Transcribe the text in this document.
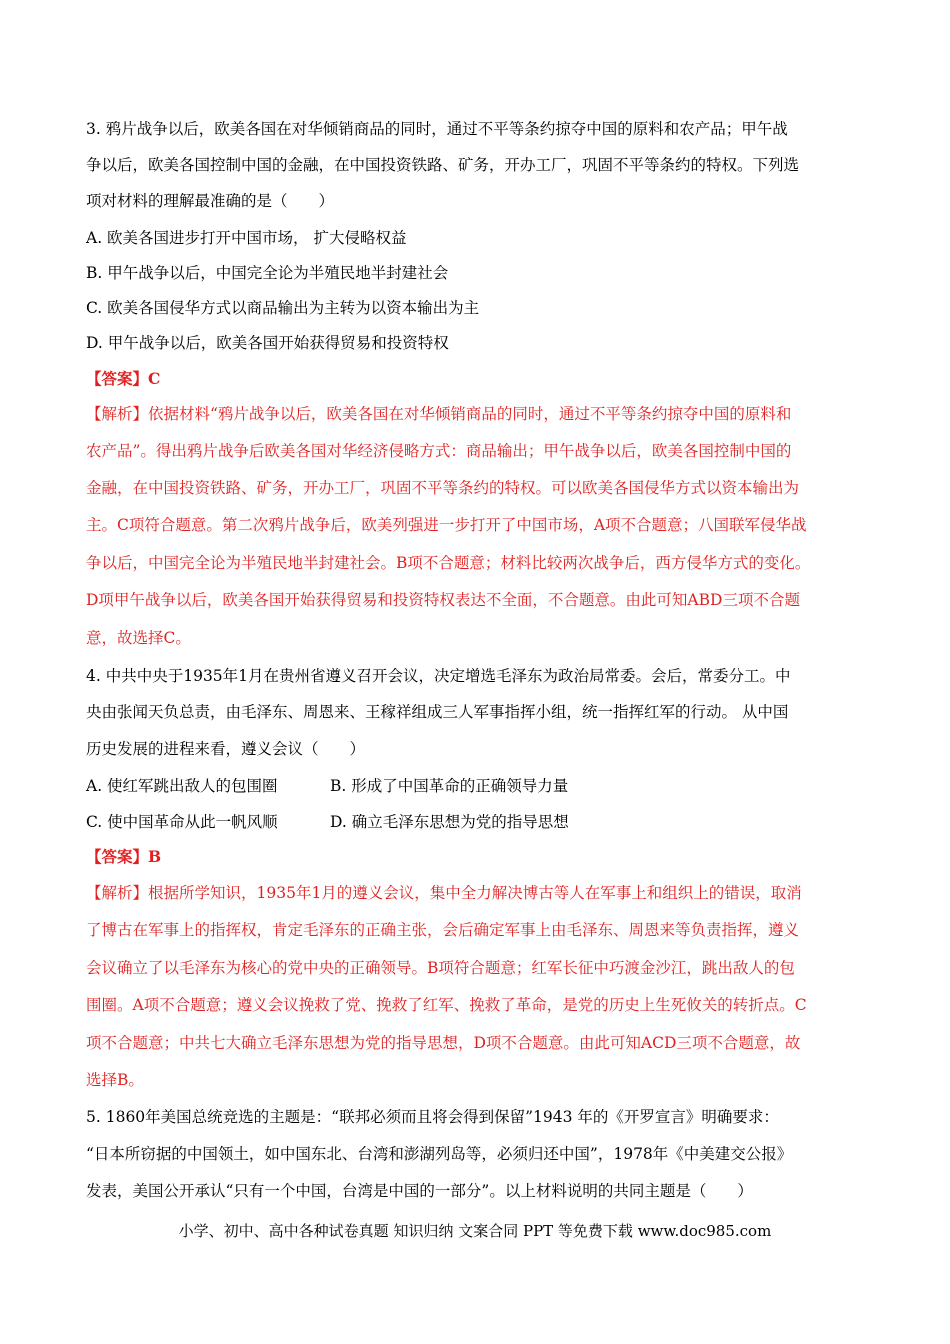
3. 鸦片战争以后，欧美各国在对华倾销商品的同时，通过不平等条约掠夺中国的原料和农产品；甲午战
争以后，欧美各国控制中国的金融，在中国投资铁路、矿务，开办工厂，巩固不平等条约的特权。下列选
项对材料的理解最准确的是（　　）
A. 欧美各国进步打开中国市场， 扩大侵略权益
B. 甲午战争以后，中国完全论为半殖民地半封建社会
C. 欧美各国侵华方式以商品输出为主转为以资本输出为主
D. 甲午战争以后，欧美各国开始获得贸易和投资特权
【答案】C
【解析】依据材料“鸦片战争以后，欧美各国在对华倾销商品的同时，通过不平等条约掠夺中国的原料和
农产品”。得出鸦片战争后欧美各国对华经济侵略方式：商品输出；甲午战争以后，欧美各国控制中国的
金融，在中国投资铁路、矿务，开办工厂，巩固不平等条约的特权。可以欧美各国侵华方式以资本输出为
主。C项符合题意。第二次鸦片战争后，欧美列强进一步打开了中国市场，A项不合题意；八国联军侵华战
争以后，中国完全论为半殖民地半封建社会。B项不合题意；材料比较两次战争后，西方侵华方式的变化。
D项甲午战争以后，欧美各国开始获得贸易和投资特权表达不全面，不合题意。由此可知ABD三项不合题
意，故选择C。
4. 中共中央于1935年1月在贵州省遵义召开会议，决定增选毛泽东为政治局常委。会后，常委分工。中
央由张闻天负总责，由毛泽东、周恩来、王稼祥组成三人军事指挥小组，统一指挥红军的行动。 从中国
历史发展的进程来看，遵义会议（　　）
A. 使红军跳出敌人的包围圈	B. 形成了中国革命的正确领导力量
C. 使中国革命从此一帆风顺	D. 确立毛泽东思想为党的指导思想
【答案】B
【解析】根据所学知识，1935年1月的遵义会议，集中全力解决博古等人在军事上和组织上的错误，取消
了博古在军事上的指挥权，肯定毛泽东的正确主张，会后确定军事上由毛泽东、周恩来等负责指挥，遵义
会议确立了以毛泽东为核心的党中央的正确领导。B项符合题意；红军长征中巧渡金沙江，跳出敌人的包
围圈。A项不合题意；遵义会议挽救了党、挽救了红军、挽救了革命，是党的历史上生死攸关的转折点。C
项不合题意；中共七大确立毛泽东思想为党的指导思想，D项不合题意。由此可知ACD三项不合题意，故
选择B。
5. 1860年美国总统竞选的主题是：“联邦必须而且将会得到保留”1943 年的《开罗宣言》明确要求：
“日本所窃据的中国领土，如中国东北、台湾和澎湖列岛等，必须归还中国”，1978年《中美建交公报》
发表，美国公开承认“只有一个中国，台湾是中国的一部分”。以上材料说明的共同主题是（　　）
小学、初中、高中各种试卷真题 知识归纳 文案合同 PPT 等免费下载 www.doc985.com
